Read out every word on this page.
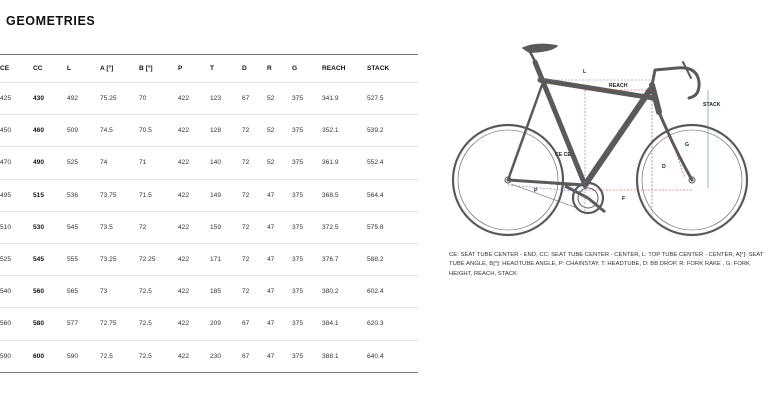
GEOMETRIES
CE	CC	L	A [°]	B [°]	P	T	D	R	G	REACH	STACK
425	430	492	75.25	70	422	123	67	52	375	341.9	527.5
450	460	509	74.5	70.5	422	128	72	52	375	352.1	539.2
470	490	525	74	71	422	140	72	52	375	361.9	552.4
495	515	536	73.75	71.5	422	149	72	47	375	368.5	564.4
510	530	545	73.5	72	422	159	72	47	375	372.5	575.8
525	545	555	73.25	72.25	422	171	72	47	375	376.7	588.2
540	560	565	73	72.5	422	185	72	47	375	380.2	602.4
560	580	577	72.75	72.5	422	209	67	47	375	384.1	620.3
590	600	590	72.5	72.5	422	230	67	47	375	388.1	640.4
L
REACH
STACK
CE CE
G
D
P
F
CE: SEAT TUBE CENTER - END, CC: SEAT TUBE CENTER - CENTER, L: TOP TUBE CENTER - CENTER, A[°]: SEAT TUBE ANGLE, B[°]: HEADTUBE ANGLE, P: CHAINSTAY, T: HEADTUBE, D: BB DROP, R: FORK RAKE , G: FORK HEIGHT, REACH, STACK
